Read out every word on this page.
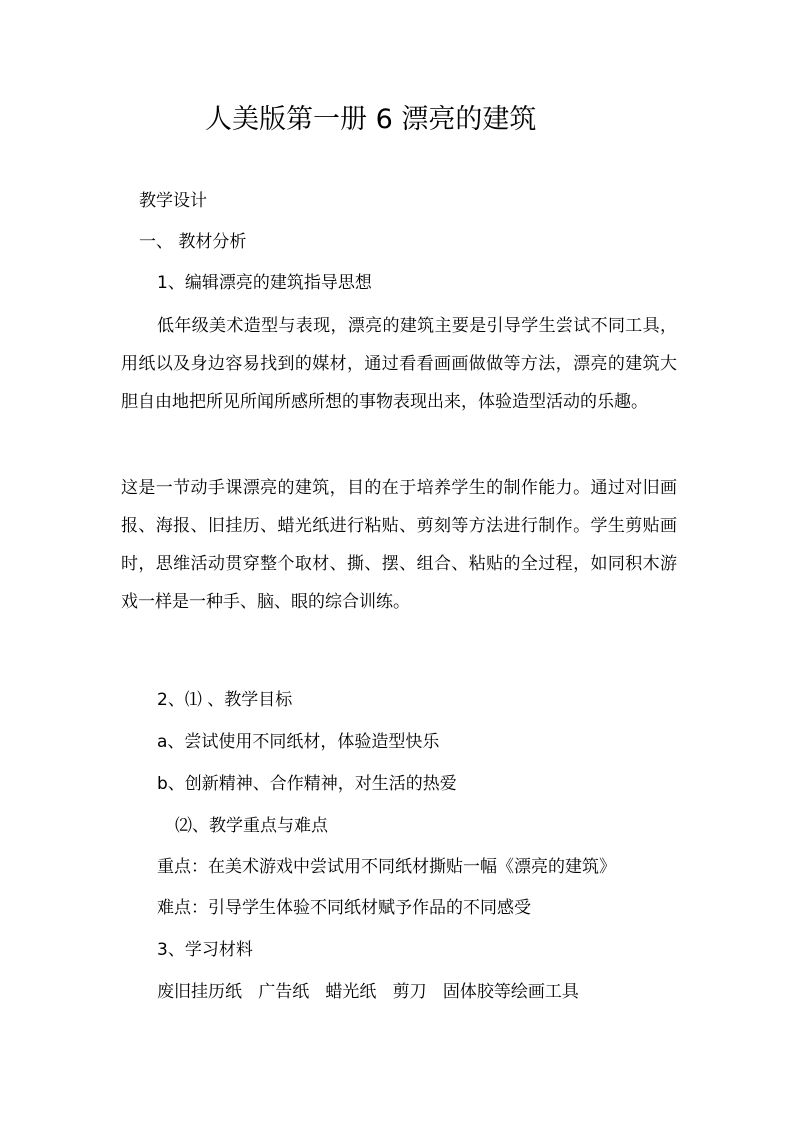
人美版第一册 6 漂亮的建筑
教学设计
一、 教材分析
1、编辑漂亮的建筑指导思想
低年级美术造型与表现，漂亮的建筑主要是引导学生尝试不同工具，用纸以及身边容易找到的媒材，通过看看画画做做等方法，漂亮的建筑大胆自由地把所见所闻所感所想的事物表现出来，体验造型活动的乐趣。
这是一节动手课漂亮的建筑，目的在于培养学生的制作能力。通过对旧画报、海报、旧挂历、蜡光纸进行粘贴、剪刻等方法进行制作。学生剪贴画时，思维活动贯穿整个取材、撕、摆、组合、粘贴的全过程，如同积木游戏一样是一种手、脑、眼的综合训练。
2、⑴ 、教学目标
a、尝试使用不同纸材，体验造型快乐
b、创新精神、合作精神，对生活的热爱
⑵、教学重点与难点
重点：在美术游戏中尝试用不同纸材撕贴一幅《漂亮的建筑》
难点：引导学生体验不同纸材赋予作品的不同感受
3、学习材料
废旧挂历纸   广告纸   蜡光纸   剪刀   固体胶等绘画工具
